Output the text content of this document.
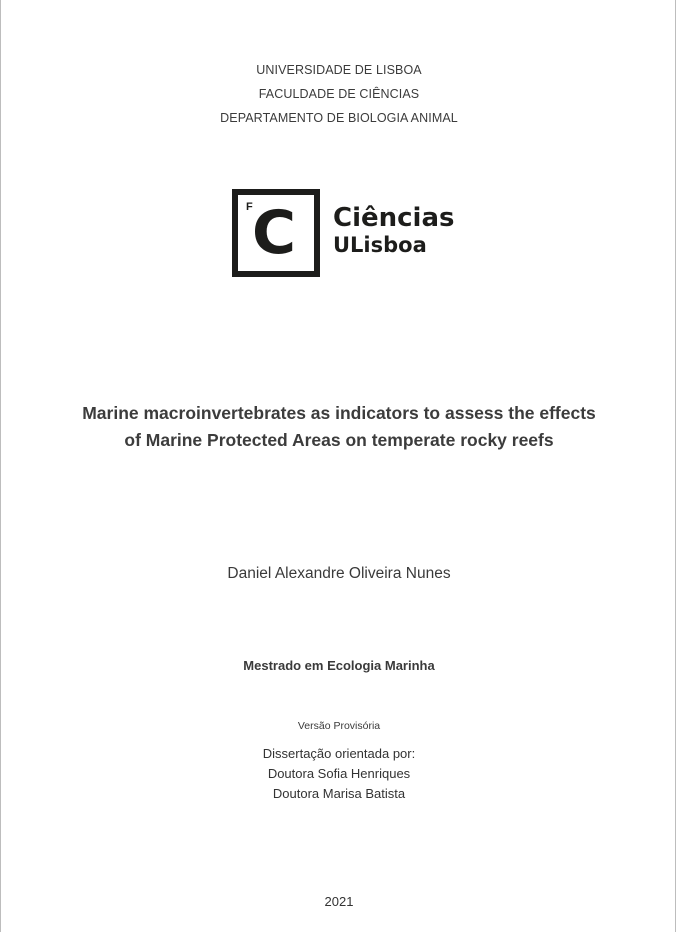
UNIVERSIDADE DE LISBOA
FACULDADE DE CIÊNCIAS
DEPARTAMENTO DE BIOLOGIA ANIMAL
F C Ciências
ULisboa
Marine macroinvertebrates as indicators to assess the effects
of Marine Protected Areas on temperate rocky reefs
Daniel Alexandre Oliveira Nunes
Mestrado em Ecologia Marinha
Versão Provisória
Dissertação orientada por:
Doutora Sofia Henriques
Doutora Marisa Batista
2021
